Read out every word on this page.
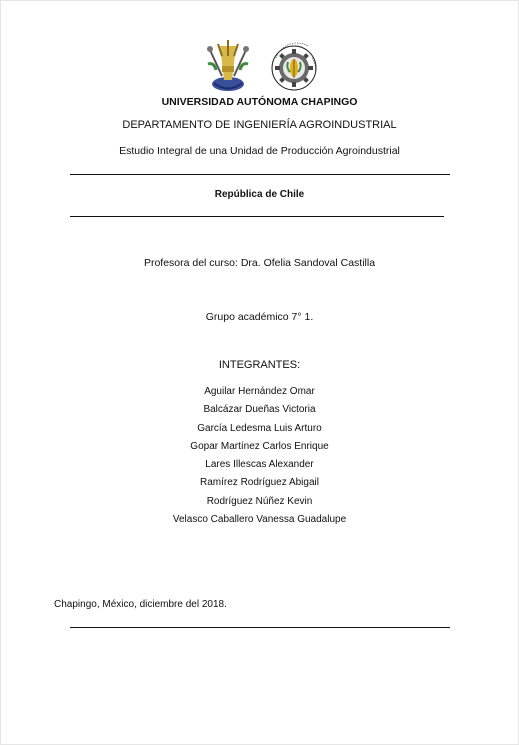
UNIVERSIDAD AUTÓNOMA CHAPINGO
DEPARTAMENTO DE INGENIERÍA AGROINDUSTRIAL
Estudio Integral de una Unidad de Producción Agroindustrial
República de Chile
Profesora del curso: Dra. Ofelia Sandoval Castilla
Grupo académico 7° 1.
INTEGRANTES:
Aguilar Hernández Omar
Balcázar Dueñas Victoria
García Ledesma Luis Arturo
Gopar Martínez Carlos Enrique
Lares Illescas Alexander
Ramírez Rodríguez Abigail
Rodríguez Núñez Kevin
Velasco Caballero Vanessa Guadalupe
Chapingo, México, diciembre del 2018.
